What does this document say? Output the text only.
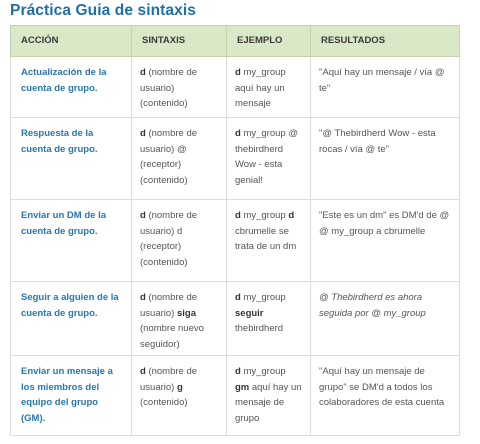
Práctica Guia de sintaxis
ACCIÓN	SINTAXIS	EJEMPLO	RESULTADOS

Actualización de la
cuenta de grupo.	d (nombre de
usuario)
(contenido)	d my_group
aquí hay un
mensaje	"Aquí hay un mensaje / vía @
te"

Respuesta de la
cuenta de grupo.	d (nombre de
usuario) @
(receptor)
(contenido)	d my_group @
thebirdherd
Wow - esta
genial!	"@ Thebirdherd Wow - esta
rocas / vía @ te"

Enviar un DM de la
cuenta de grupo.	d (nombre de
usuario) d
(receptor)
(contenido)	d my_group d
cbrumelle se
trata de un dm	"Este es un dm" es DM'd de @
@ my_group a cbrumelle

Seguir a alguien de la
cuenta de grupo.	d (nombre de
usuario) siga
(nombre nuevo
seguidor)	d my_group
seguir
thebirdherd	@ Thebirdherd es ahora
seguida por @ my_group

Enviar un mensaje a
los miembros del
equipo del grupo
(GM).	d (nombre de
usuario) g
(contenido)	d my_group
gm aquí hay un
mensaje de
grupo	"Aquí hay un mensaje de
grupo" se DM'd a todos los
colaboradores de esta cuenta
